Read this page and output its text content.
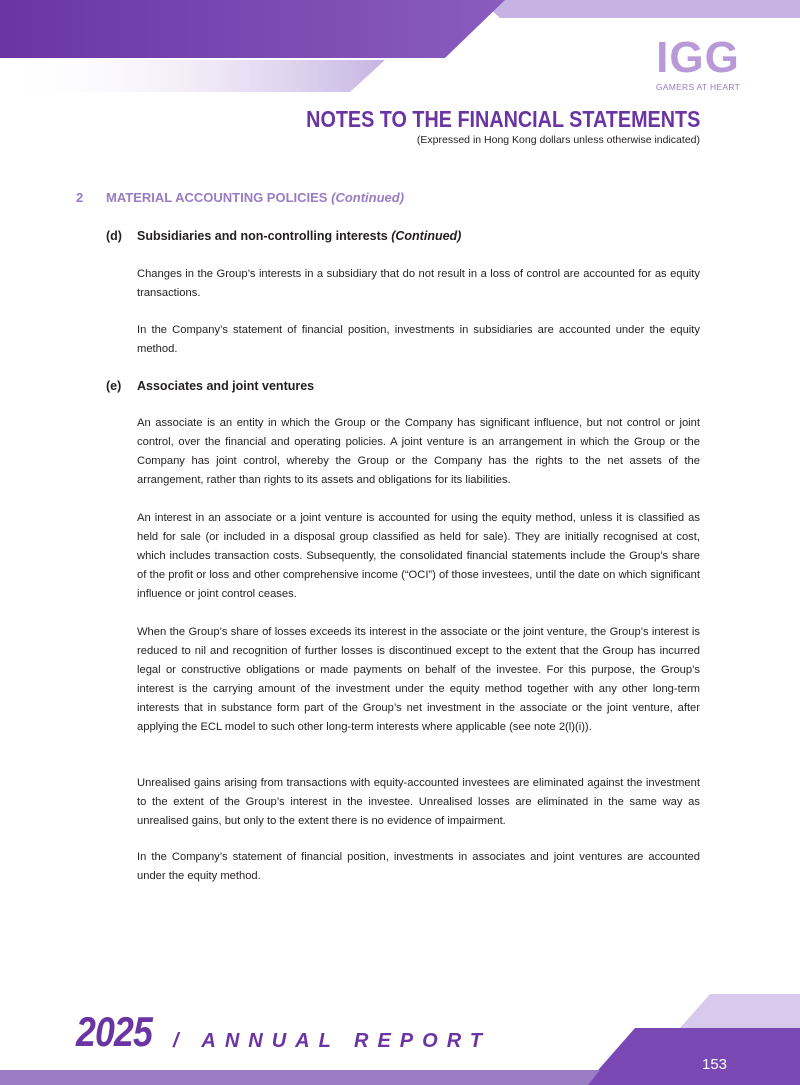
IGG
GAMERS AT HEART
NOTES TO THE FINANCIAL STATEMENTS
(Expressed in Hong Kong dollars unless otherwise indicated)
2 MATERIAL ACCOUNTING POLICIES (Continued)
(d) Subsidiaries and non-controlling interests (Continued)

Changes in the Group’s interests in a subsidiary that do not result in a loss of control are accounted for as equity transactions.

In the Company’s statement of financial position, investments in subsidiaries are accounted under the equity method.

(e) Associates and joint ventures

An associate is an entity in which the Group or the Company has significant influence, but not control or joint control, over the financial and operating policies. A joint venture is an arrangement in which the Group or the Company has joint control, whereby the Group or the Company has the rights to the net assets of the arrangement, rather than rights to its assets and obligations for its liabilities.

An interest in an associate or a joint venture is accounted for using the equity method, unless it is classified as held for sale (or included in a disposal group classified as held for sale). They are initially recognised at cost, which includes transaction costs. Subsequently, the consolidated financial statements include the Group’s share of the profit or loss and other comprehensive income (“OCI”) of those investees, until the date on which significant influence or joint control ceases.

When the Group’s share of losses exceeds its interest in the associate or the joint venture, the Group’s interest is reduced to nil and recognition of further losses is discontinued except to the extent that the Group has incurred legal or constructive obligations or made payments on behalf of the investee. For this purpose, the Group’s interest is the carrying amount of the investment under the equity method together with any other long-term interests that in substance form part of the Group’s net investment in the associate or the joint venture, after applying the ECL model to such other long-term interests where applicable (see note 2(l)(i)).

Unrealised gains arising from transactions with equity-accounted investees are eliminated against the investment to the extent of the Group’s interest in the investee. Unrealised losses are eliminated in the same way as unrealised gains, but only to the extent there is no evidence of impairment.

In the Company’s statement of financial position, investments in associates and joint ventures are accounted under the equity method.

2025 / ANNUAL REPORT
153
